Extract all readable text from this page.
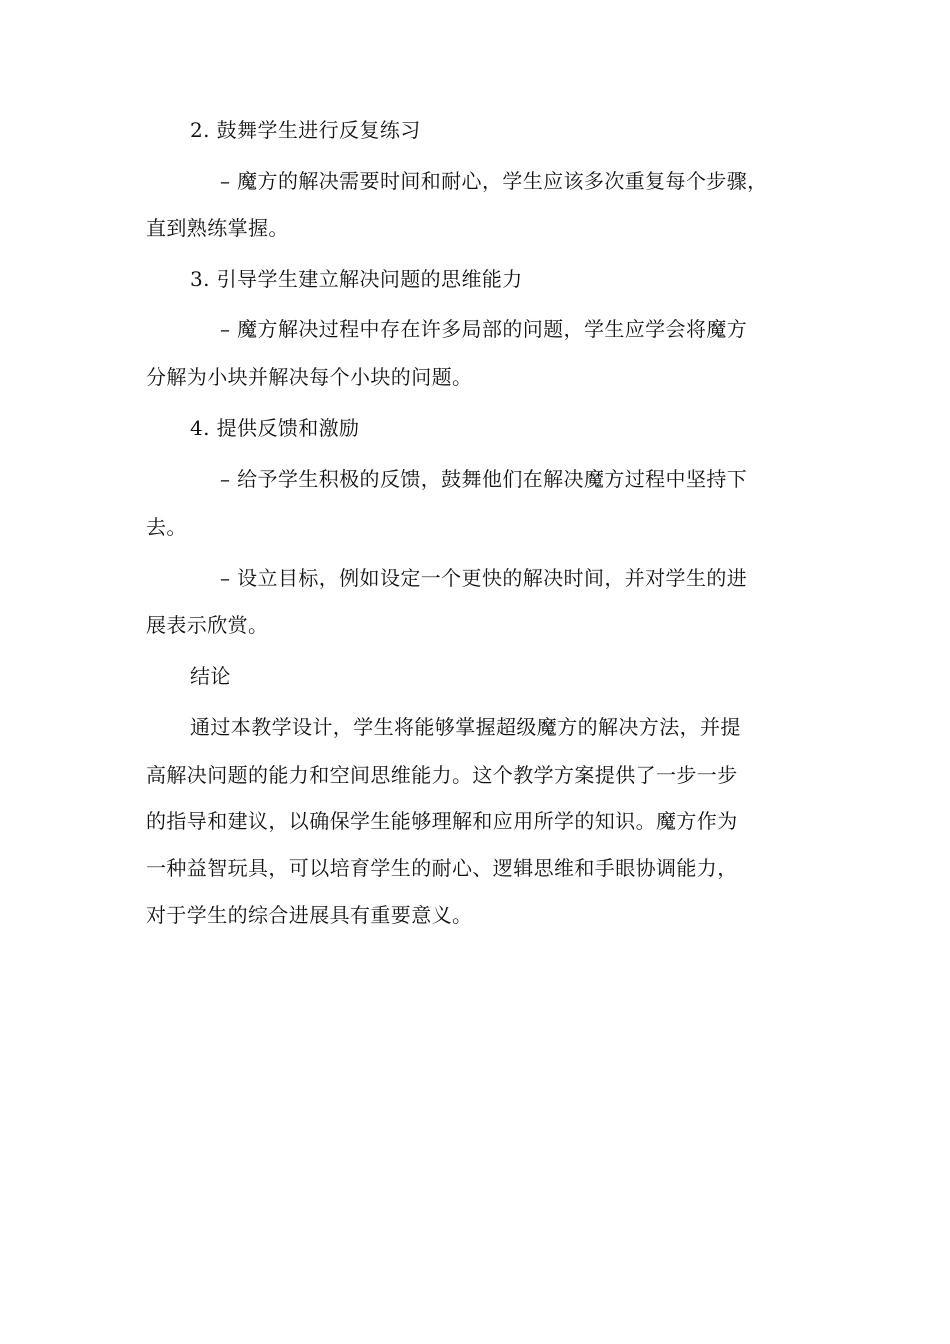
2. 鼓舞学生进行反复练习
– 魔方的解决需要时间和耐心，学生应该多次重复每个步骤，
直到熟练掌握。
3. 引导学生建立解决问题的思维能力
– 魔方解决过程中存在许多局部的问题，学生应学会将魔方
分解为小块并解决每个小块的问题。
4. 提供反馈和激励
– 给予学生积极的反馈，鼓舞他们在解决魔方过程中坚持下
去。
– 设立目标，例如设定一个更快的解决时间，并对学生的进
展表示欣赏。
结论
通过本教学设计，学生将能够掌握超级魔方的解决方法，并提
高解决问题的能力和空间思维能力。这个教学方案提供了一步一步
的指导和建议，以确保学生能够理解和应用所学的知识。魔方作为
一种益智玩具，可以培育学生的耐心、逻辑思维和手眼协调能力，
对于学生的综合进展具有重要意义。
